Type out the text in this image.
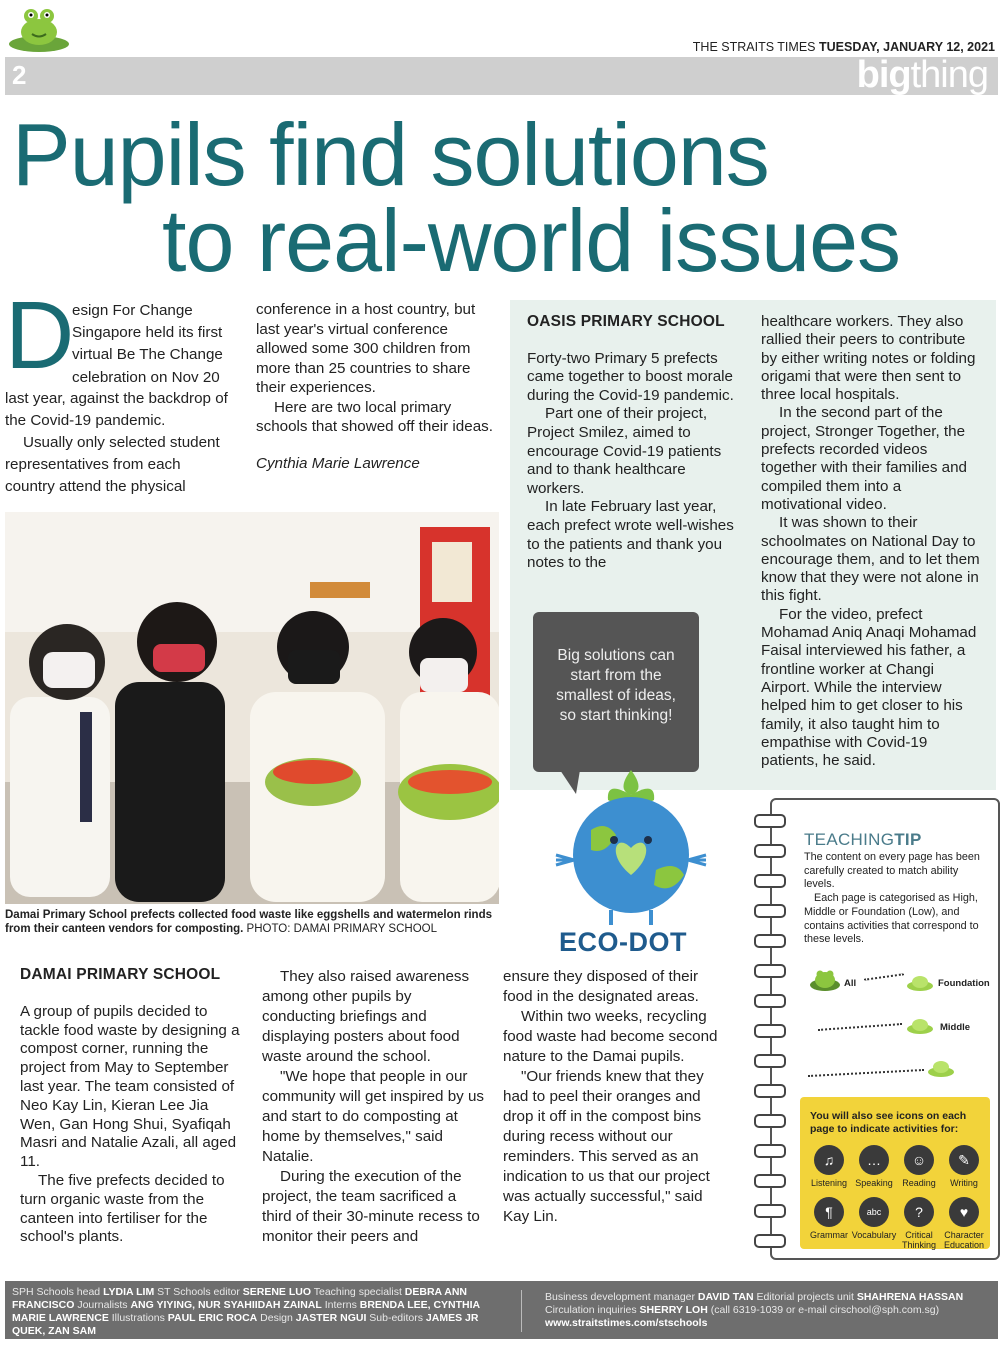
THE STRAITS TIMES TUESDAY, JANUARY 12, 2021
2	bigthing
Pupils find solutions
to real-world issues
D
esign For Change
Singapore held its first
virtual Be The Change
celebration on Nov 20

last year, against the backdrop of the Covid-19 pandemic.

Usually only selected student representatives from each country attend the physical

conference in a host country, but last year's virtual conference allowed some 300 children from more than 25 countries to share their experiences.

Here are two local primary schools that showed off their ideas.

Cynthia Marie Lawrence

OASIS PRIMARY SCHOOL

Forty-two Primary 5 prefects came together to boost morale during the Covid-19 pandemic.

Part one of their project, Project Smilez, aimed to encourage Covid-19 patients and to thank healthcare workers.

In late February last year, each prefect wrote well-wishes to the patients and thank you notes to the

healthcare workers. They also rallied their peers to contribute by either writing notes or folding origami that were then sent to three local hospitals.

In the second part of the project, Stronger Together, the prefects recorded videos together with their families and compiled them into a motivational video.

It was shown to their schoolmates on National Day to encourage them, and to let them know that they were not alone in this fight.

For the video, prefect Mohamad Aniq Anaqi Mohamad Faisal interviewed his father, a frontline worker at Changi Airport. While the interview helped him to get closer to his family, it also taught him to empathise with Covid-19 patients, he said.

Big solutions can start from the smallest of ideas, so start thinking!
ECO-DOT
Damai Primary School prefects collected food waste like eggshells and watermelon rinds from their canteen vendors for composting. PHOTO: DAMAI PRIMARY SCHOOL

DAMAI PRIMARY SCHOOL

A group of pupils decided to tackle food waste by designing a compost corner, running the project from May to September last year. The team consisted of Neo Kay Lin, Kieran Lee Jia Wen, Gan Hong Shui, Syafiqah Masri and Natalie Azali, all aged 11.

The five prefects decided to turn organic waste from the canteen into fertiliser for the school's plants.

They also raised awareness among other pupils by conducting briefings and displaying posters about food waste around the school.

"We hope that people in our community will get inspired by us and start to do composting at home by themselves," said Natalie.

During the execution of the project, the team sacrificed a third of their 30-minute recess to monitor their peers and

ensure they disposed of their food in the designated areas.

Within two weeks, recycling food waste had become second nature to the Damai pupils.

"Our friends knew that they had to peel their oranges and drop it off in the compost bins during recess without our reminders. This served as an indication to us that our project was actually successful," said Kay Lin.

TEACHINGTIP

The content on every page has been carefully created to match ability levels.

Each page is categorised as High, Middle or Foundation (Low), and contains activities that correspond to these levels.

All	Foundation
Middle
You will also see icons on each page to indicate activities for:
♫
Listening
…
Speaking
☺
Reading
✎
Writing
¶
Grammar
abc
Vocabulary
?
Critical Thinking
♥
Character Education
SPH Schools head LYDIA LIM ST Schools editor SERENE LUO Teaching specialist DEBRA ANN FRANCISCO Journalists ANG YIYING, NUR SYAHIIDAH ZAINAL Interns BRENDA LEE, CYNTHIA MARIE LAWRENCE Illustrations PAUL ERIC ROCA Design JASTER NGUI Sub-editors JAMES JR QUEK, ZAN SAM
Business development manager DAVID TAN Editorial projects unit SHAHRENA HASSAN Circulation inquiries SHERRY LOH (call 6319-1039 or e-mail cirschool@sph.com.sg) www.straitstimes.com/stschools
